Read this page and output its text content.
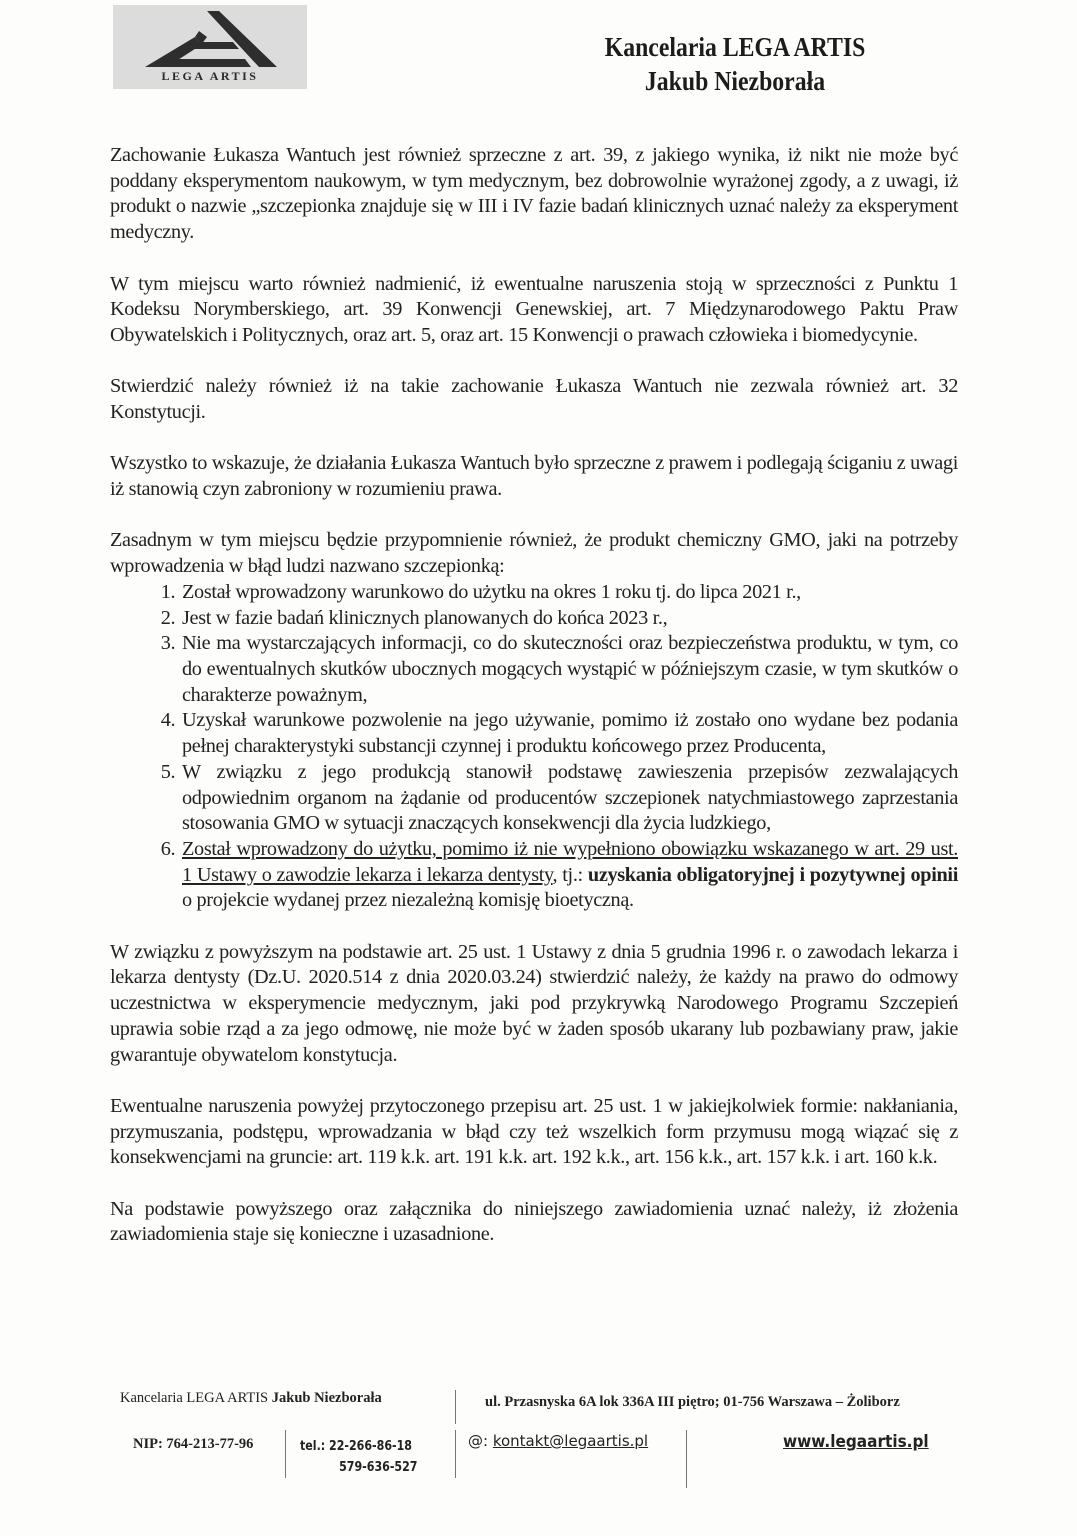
LEGA ARTIS
Kancelaria LEGA ARTIS
Jakub Niezborała

Zachowanie Łukasza Wantuch jest również sprzeczne z art. 39, z jakiego wynika, iż nikt nie może być poddany eksperymentom naukowym, w tym medycznym, bez dobrowolnie wyrażonej zgody, a z uwagi, iż produkt o nazwie „szczepionka znajduje się w III i IV fazie badań klinicznych uznać należy za eksperyment medyczny.

W tym miejscu warto również nadmienić, iż ewentualne naruszenia stoją w sprzeczności z Punktu 1 Kodeksu Norymberskiego, art. 39 Konwencji Genewskiej, art. 7 Międzynarodowego Paktu Praw Obywatelskich i Politycznych, oraz art. 5, oraz art. 15 Konwencji o prawach człowieka i biomedycynie.

Stwierdzić należy również iż na takie zachowanie Łukasza Wantuch nie zezwala również art. 32 Konstytucji.

Wszystko to wskazuje, że działania Łukasza Wantuch było sprzeczne z prawem i podlegają ściganiu z uwagi iż stanowią czyn zabroniony w rozumieniu prawa.

Zasadnym w tym miejscu będzie przypomnienie również, że produkt chemiczny GMO, jaki na potrzeby wprowadzenia w błąd ludzi nazwano szczepionką:

1. Został wprowadzony warunkowo do użytku na okres 1 roku tj. do lipca 2021 r.,
2. Jest w fazie badań klinicznych planowanych do końca 2023 r.,
3. Nie ma wystarczających informacji, co do skuteczności oraz bezpieczeństwa produktu, w tym, co do ewentualnych skutków ubocznych mogących wystąpić w późniejszym czasie, w tym skutków o charakterze poważnym,
4. Uzyskał warunkowe pozwolenie na jego używanie, pomimo iż zostało ono wydane bez podania pełnej charakterystyki substancji czynnej i produktu końcowego przez Producenta,
5. W związku z jego produkcją stanowił podstawę zawieszenia przepisów zezwalających odpowiednim organom na żądanie od producentów szczepionek natychmiastowego zaprzestania stosowania GMO w sytuacji znaczących konsekwencji dla życia ludzkiego,
6. Został wprowadzony do użytku, pomimo iż nie wypełniono obowiązku wskazanego w art. 29 ust. 1 Ustawy o zawodzie lekarza i lekarza dentysty, tj.: uzyskania obligatoryjnej i pozytywnej opinii o projekcie wydanej przez niezależną komisję bioetyczną.

W związku z powyższym na podstawie art. 25 ust. 1 Ustawy z dnia 5 grudnia 1996 r. o zawodach lekarza i lekarza dentysty (Dz.U. 2020.514 z dnia 2020.03.24) stwierdzić należy, że każdy na prawo do odmowy uczestnictwa w eksperymencie medycznym, jaki pod przykrywką Narodowego Programu Szczepień uprawia sobie rząd a za jego odmowę, nie może być w żaden sposób ukarany lub pozbawiany praw, jakie gwarantuje obywatelom konstytucja.

Ewentualne naruszenia powyżej przytoczonego przepisu art. 25 ust. 1 w jakiejkolwiek formie: nakłaniania, przymuszania, podstępu, wprowadzania w błąd czy też wszelkich form przymusu mogą wiązać się z konsekwencjami na gruncie: art. 119 k.k. art. 191 k.k. art. 192 k.k., art. 156 k.k., art. 157 k.k. i art. 160 k.k.

Na podstawie powyższego oraz załącznika do niniejszego zawiadomienia uznać należy, iż złożenia zawiadomienia staje się konieczne i uzasadnione.

Kancelaria LEGA ARTIS Jakub Niezborała	ul. Przasnyska 6A lok 336A III piętro; 01-756 Warszawa – Żoliborz
NIP: 764-213-77-96	tel.: 22-266-86-18
579-636-527
@: kontakt@legaartis.pl	www.legaartis.pl
